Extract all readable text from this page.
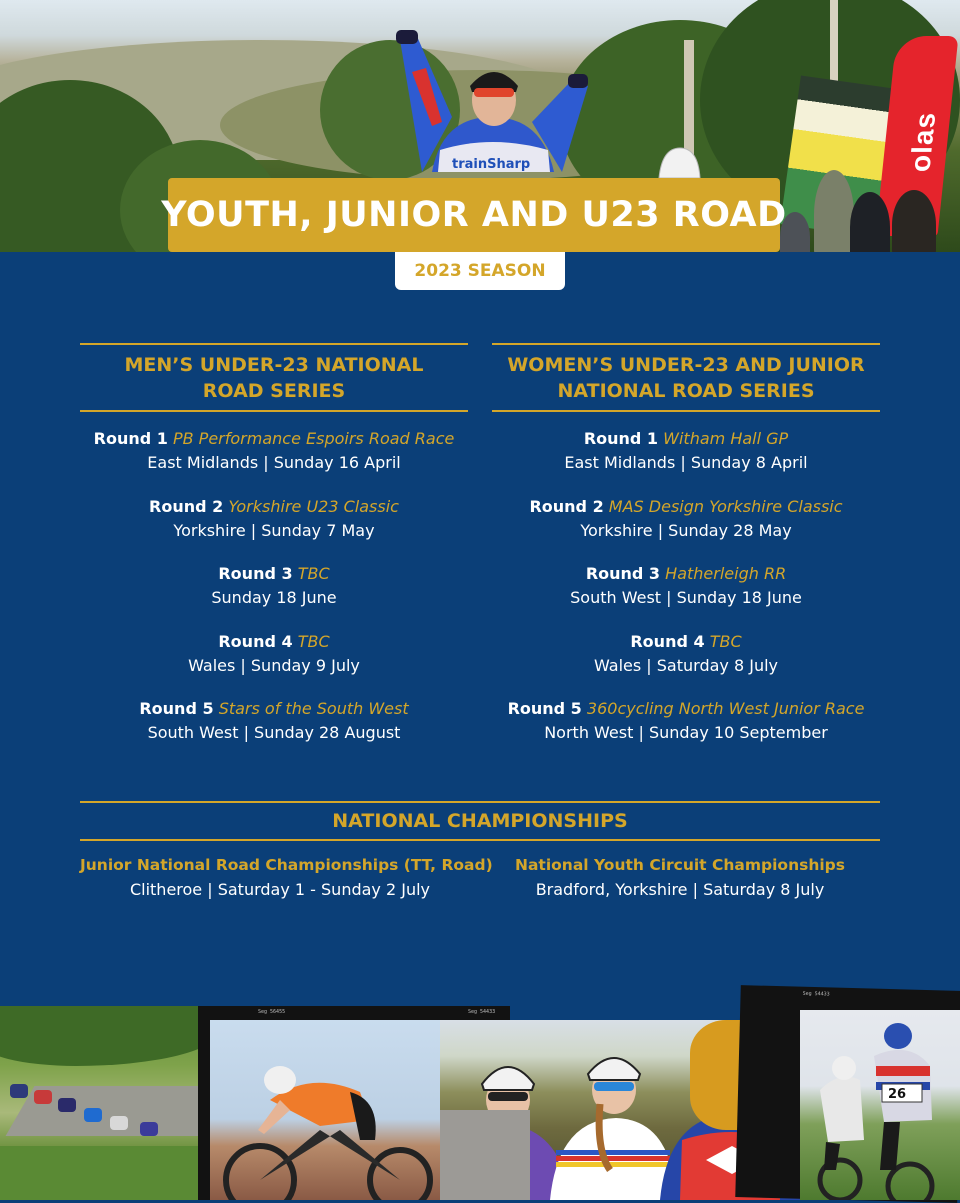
olas
trainSharp
YOUTH, JUNIOR AND U23 ROAD
2023 SEASON
MEN’S UNDER-23 NATIONAL
ROAD SERIES
Round 1 PB Performance Espoirs Road Race
East Midlands | Sunday 16 April
Round 2 Yorkshire U23 Classic
Yorkshire | Sunday 7 May
Round 3 TBC
Sunday 18 June
Round 4 TBC
Wales | Sunday 9 July
Round 5 Stars of the South West
South West | Sunday 28 August
WOMEN’S UNDER-23 AND JUNIOR
NATIONAL ROAD SERIES
Round 1 Witham Hall GP
East Midlands | Sunday 8 April
Round 2 MAS Design Yorkshire Classic
Yorkshire | Sunday 28 May
Round 3 Hatherleigh RR
South West | Sunday 18 June
Round 4 TBC
Wales | Saturday 8 July
Round 5 360cycling North West Junior Race
North West | Sunday 10 September
NATIONAL CHAMPIONSHIPS
Junior National Road Championships (TT, Road)
Clitheroe | Saturday 1 - Sunday 2 July
National Youth Circuit Championships
Bradford, Yorkshire | Saturday 8 July
Seg 56455	Seg 54433
Seg 54433
26
